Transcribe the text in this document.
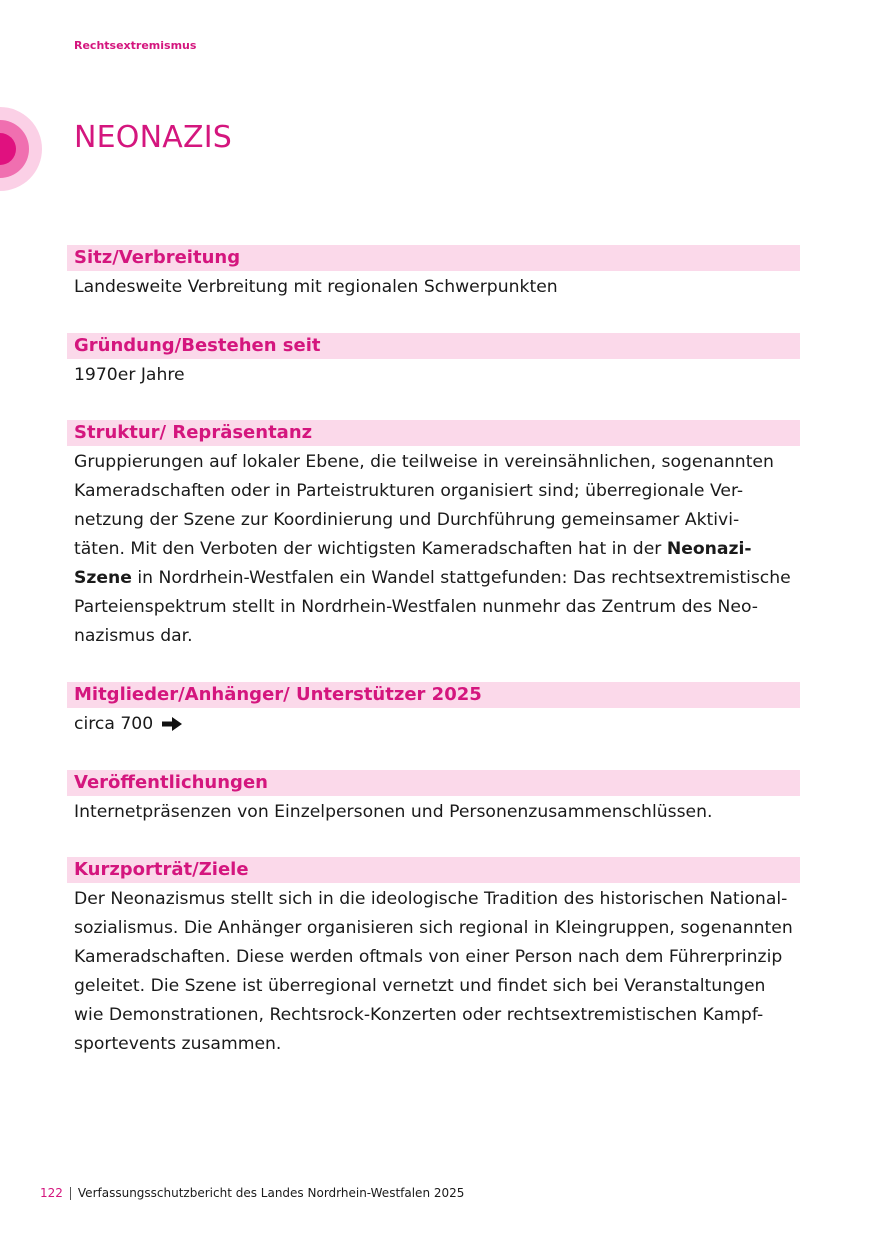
Rechtsextremismus
NEONAZIS
Sitz/Verbreitung
Landesweite Verbreitung mit regionalen Schwerpunkten
Gründung/Bestehen seit
1970er Jahre
Struktur/ Repräsentanz
Gruppierungen auf lokaler Ebene, die teilweise in vereinsähnlichen, sogenannten
Kameradschaften oder in Parteistrukturen organisiert sind; überregionale Ver-
netzung der Szene zur Koordinierung und Durchführung gemeinsamer Aktivi-
täten. Mit den Verboten der wichtigsten Kameradschaften hat in der Neonazi-
Szene in Nordrhein-Westfalen ein Wandel stattgefunden: Das rechtsextremistische
Parteienspektrum stellt in Nordrhein-Westfalen nunmehr das Zentrum des Neo-
nazismus dar.
Mitglieder/Anhänger/ Unterstützer 2025
circa 700
Veröffentlichungen
Internetpräsenzen von Einzelpersonen und Personenzusammenschlüssen.
Kurzporträt/Ziele
Der Neonazismus stellt sich in die ideologische Tradition des historischen National-
sozialismus. Die Anhänger organisieren sich regional in Kleingruppen, sogenannten
Kameradschaften. Diese werden oftmals von einer Person nach dem Führerprinzip
geleitet. Die Szene ist überregional vernetzt und findet sich bei Veranstaltungen
wie Demonstrationen, Rechtsrock-Konzerten oder rechtsextremistischen Kampf-
sportevents zusammen.
122 Verfassungsschutzbericht des Landes Nordrhein-Westfalen 2025
